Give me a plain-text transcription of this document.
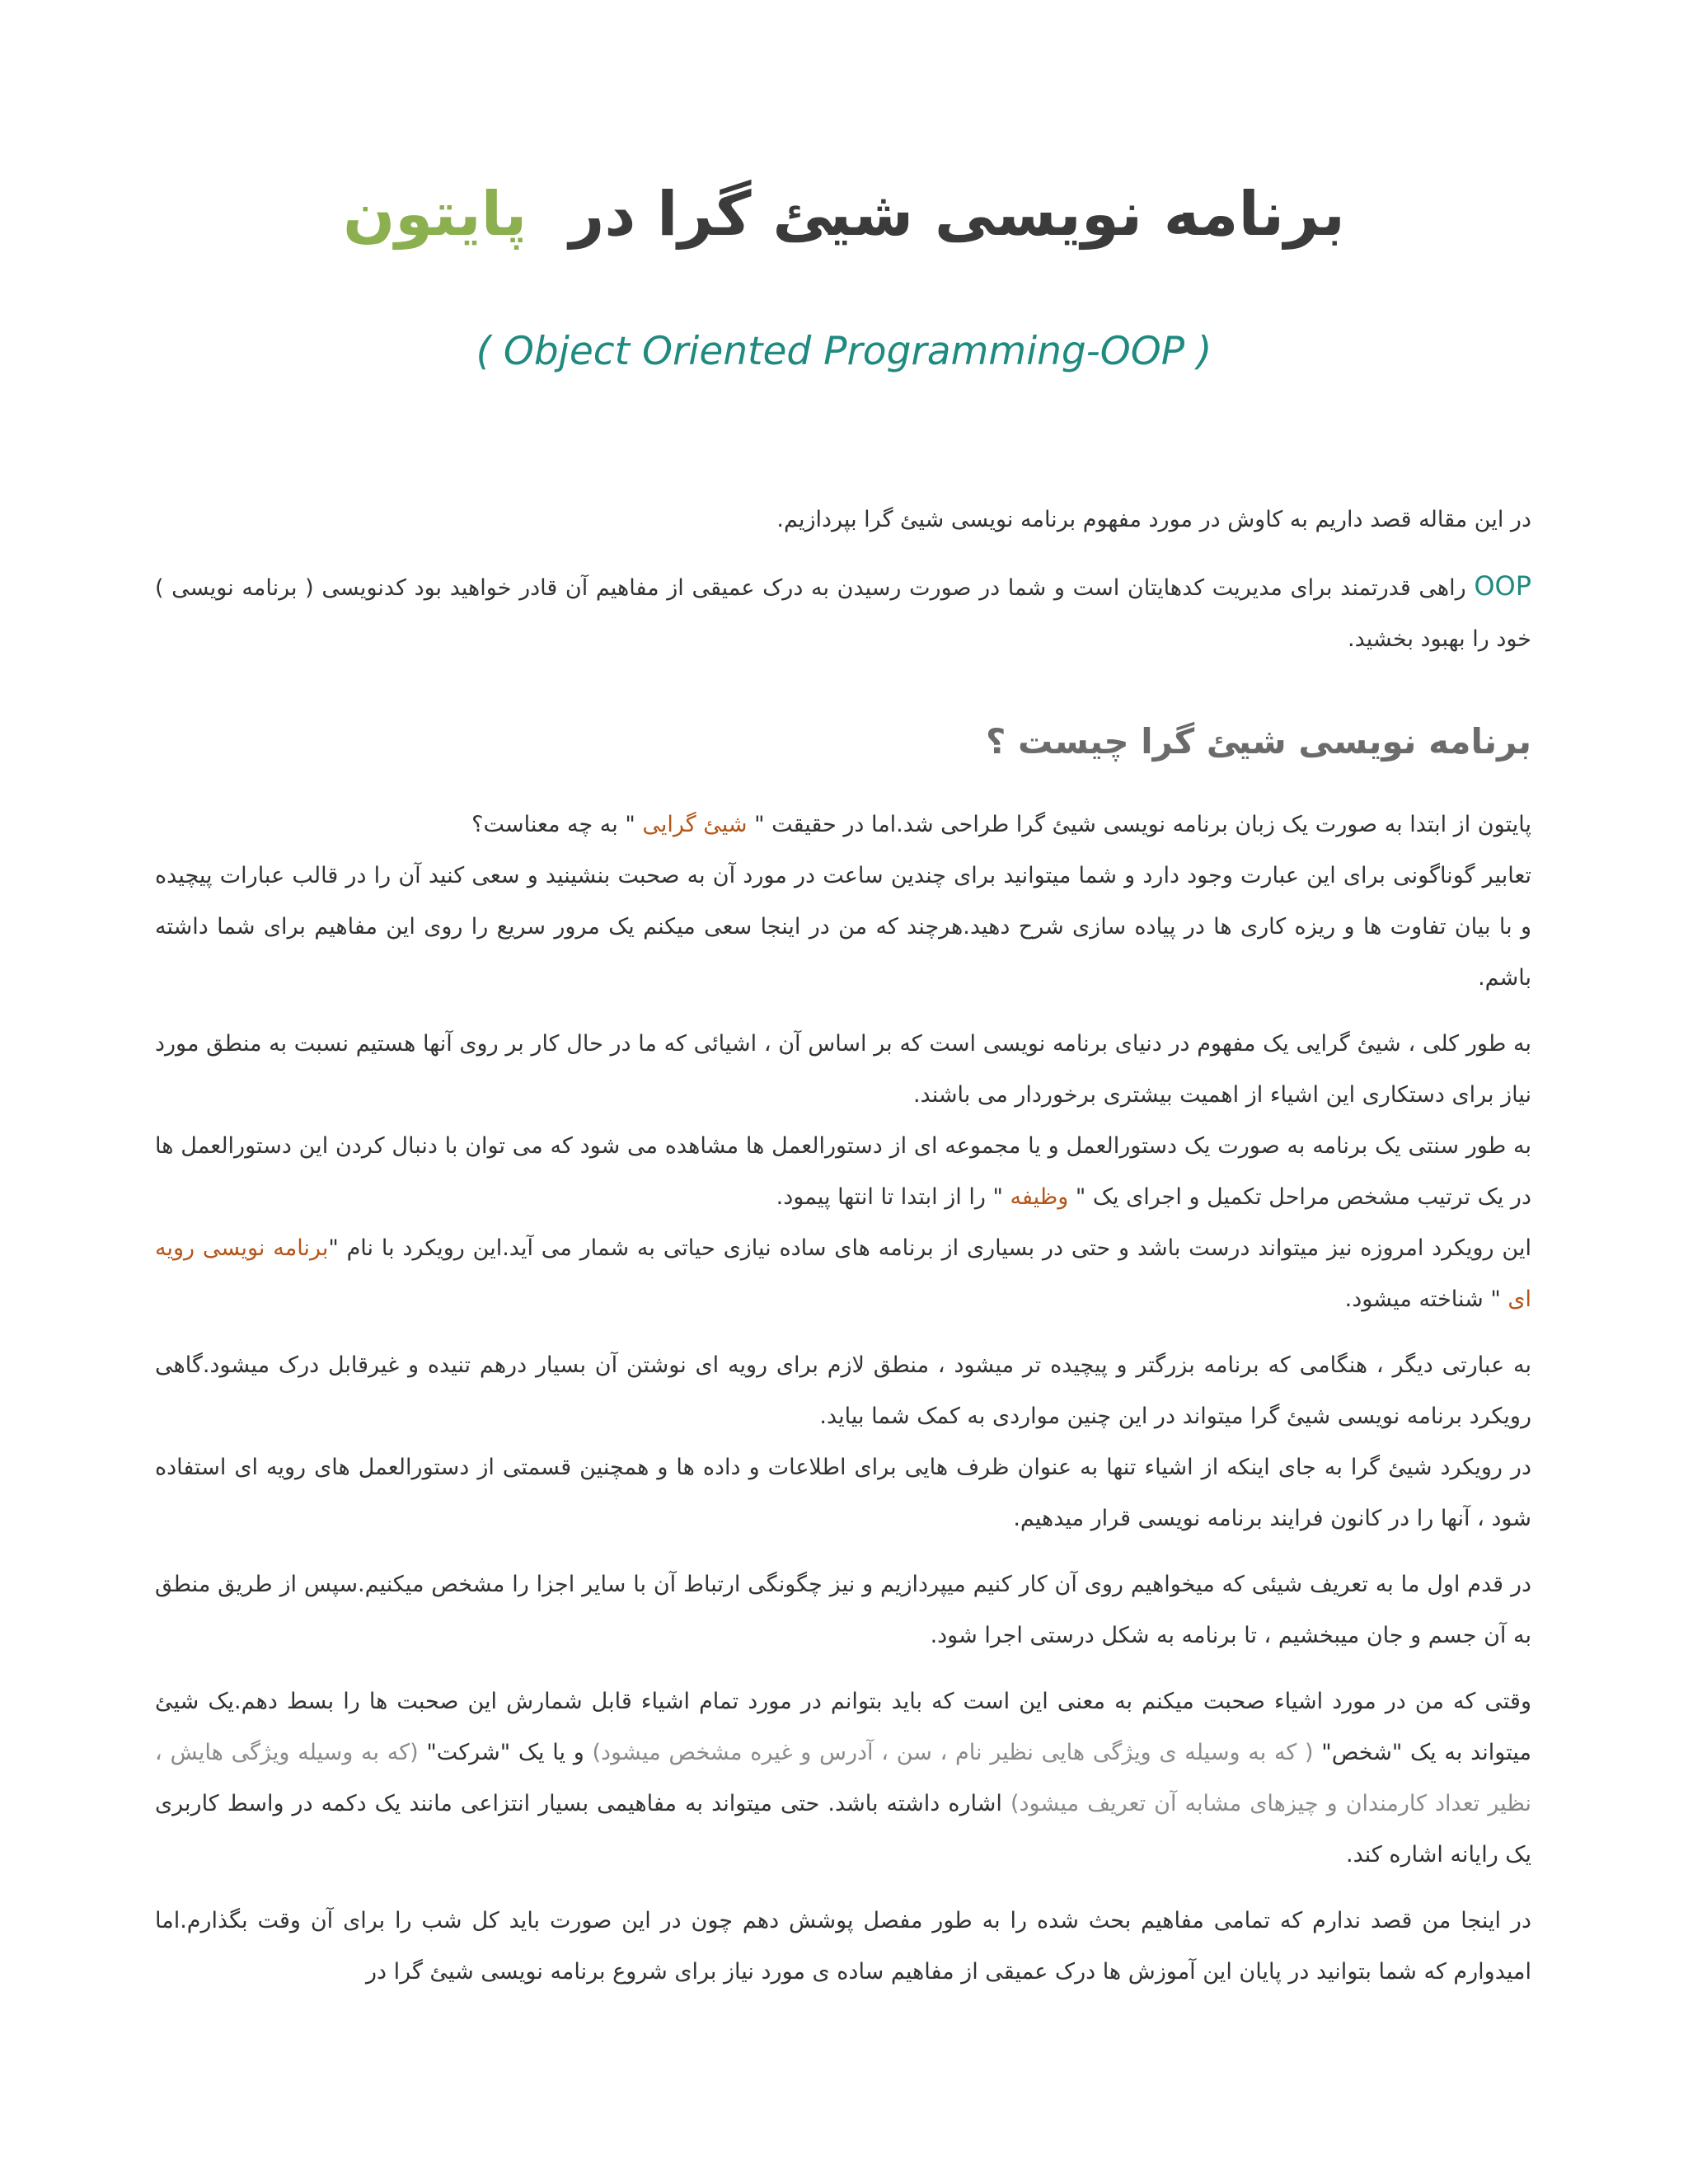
برنامه نویسی شیئ گرا در  پایتون
( Object Oriented Programming-OOP )

در این مقاله قصد داریم به کاوش در مورد مفهوم برنامه نویسی شیئ گرا بپردازیم.

OOP راهی قدرتمند برای مدیریت کدهایتان است و شما در صورت رسیدن به درک عمیقی از مفاهیم آن قادر خواهید بود کدنویسی ( برنامه نویسی ) خود را بهبود بخشید.

برنامه نویسی شیئ گرا چیست ؟

پایتون از ابتدا به صورت یک زبان برنامه نویسی شیئ گرا طراحی شد.اما در حقیقت " شیئ گرایی " به چه معناست؟
تعابیر گوناگونی برای این عبارت وجود دارد و شما میتوانید برای چندین ساعت در مورد آن به صحبت بنشینید و سعی کنید آن را در قالب عبارات پیچیده و با بیان تفاوت ها و ریزه کاری ها در پیاده سازی شرح دهید.هرچند که من در اینجا سعی میکنم یک مرور سریع را روی این مفاهیم برای شما داشته باشم.

به طور کلی ، شیئ گرایی یک مفهوم در دنیای برنامه نویسی است که بر اساس آن ، اشیائی که ما در حال کار بر روی آنها هستیم نسبت به منطق مورد نیاز برای دستکاری این اشیاء از اهمیت بیشتری برخوردار می باشند.
به طور سنتی یک برنامه به صورت یک دستورالعمل و یا مجموعه ای از دستورالعمل ها مشاهده می شود که می توان با دنبال کردن این دستورالعمل ها در یک ترتیب مشخص مراحل تکمیل و اجرای یک " وظیفه " را از ابتدا تا انتها پیمود.
این رویکرد امروزه نیز میتواند درست باشد و حتی در بسیاری از برنامه های ساده نیازی حیاتی به شمار می آید.این رویکرد با نام "برنامه نویسی رویه ای " شناخته میشود.

به عبارتی دیگر ، هنگامی که برنامه بزرگتر و پیچیده تر میشود ، منطق لازم برای رویه ای نوشتن آن بسیار درهم تنیده و غیرقابل درک میشود.گاهی رویکرد برنامه نویسی شیئ گرا میتواند در این چنین مواردی به کمک شما بیاید.
در رویکرد شیئ گرا به جای اینکه از اشیاء تنها به عنوان ظرف هایی برای اطلاعات و داده ها و همچنین قسمتی از دستورالعمل های رویه ای استفاده شود ، آنها را در کانون فرایند برنامه نویسی قرار میدهیم.

در قدم اول ما به تعریف شیئی که میخواهیم روی آن کار کنیم میپردازیم و نیز چگونگی ارتباط آن با سایر اجزا را مشخص میکنیم.سپس از طریق منطق به آن جسم و جان میبخشیم ، تا برنامه به شکل درستی اجرا شود.

وقتی که من در مورد اشیاء صحبت میکنم به معنی این است که باید بتوانم در مورد تمام اشیاء قابل شمارش این صحبت ها را بسط دهم.یک شیئ میتواند به یک "شخص" ( که به وسیله ی ویژگی هایی نظیر نام ، سن ، آدرس و غیره مشخص میشود) و یا یک "شرکت" (که به وسیله ویژگی هایش ، نظیر تعداد کارمندان و چیزهای مشابه آن تعریف میشود) اشاره داشته باشد. حتی میتواند به مفاهیمی بسیار انتزاعی مانند یک دکمه در واسط کاربری یک رایانه اشاره کند.

در اینجا من قصد ندارم که تمامی مفاهیم بحث شده را به طور مفصل پوشش دهم چون در این صورت باید کل شب را برای آن وقت بگذارم.اما امیدوارم که شما بتوانید در پایان این آموزش ها درک عمیقی از مفاهیم ساده ی مورد نیاز برای شروع برنامه نویسی شیئ گرا در
